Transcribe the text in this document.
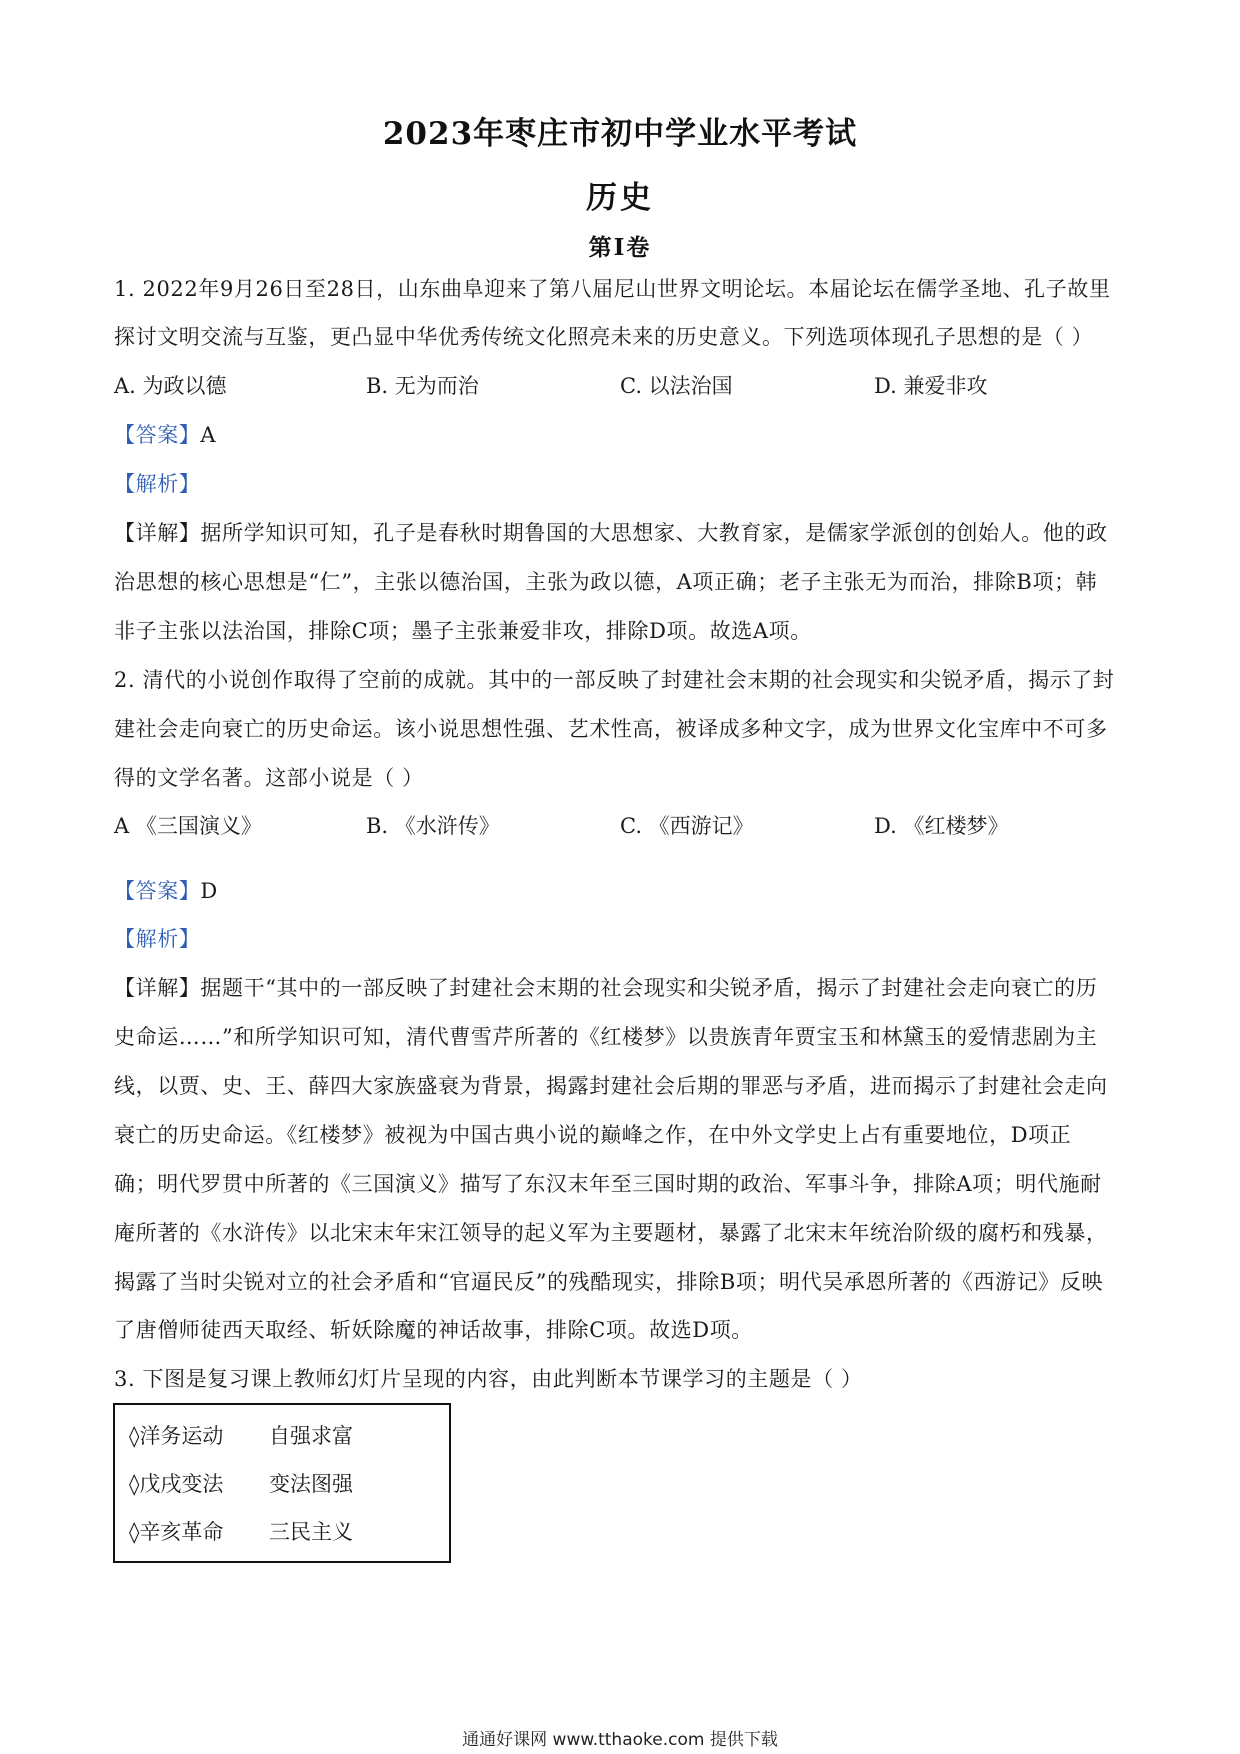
2023年枣庄市初中学业水平考试
历史
第I卷
1. 2022年9月26日至28日，山东曲阜迎来了第八届尼山世界文明论坛。本届论坛在儒学圣地、孔子故里
探讨文明交流与互鉴，更凸显中华优秀传统文化照亮未来的历史意义。下列选项体现孔子思想的是（ ）
A. 为政以德	B. 无为而治	C. 以法治国	D. 兼爱非攻
【答案】A
【解析】
【详解】据所学知识可知，孔子是春秋时期鲁国的大思想家、大教育家，是儒家学派创的创始人。他的政
治思想的核心思想是“仁”，主张以德治国，主张为政以德，A项正确；老子主张无为而治，排除B项；韩
非子主张以法治国，排除C项；墨子主张兼爱非攻，排除D项。故选A项。
2. 清代的小说创作取得了空前的成就。其中的一部反映了封建社会末期的社会现实和尖锐矛盾，揭示了封
建社会走向衰亡的历史命运。该小说思想性强、艺术性高，被译成多种文字，成为世界文化宝库中不可多
得的文学名著。这部小说是（ ）
A 《三国演义》	B. 《水浒传》	C. 《西游记》	D. 《红楼梦》
【答案】D
【解析】
【详解】据题干“其中的一部反映了封建社会末期的社会现实和尖锐矛盾，揭示了封建社会走向衰亡的历
史命运……”和所学知识可知，清代曹雪芹所著的《红楼梦》以贵族青年贾宝玉和林黛玉的爱情悲剧为主
线，以贾、史、王、薛四大家族盛衰为背景，揭露封建社会后期的罪恶与矛盾，进而揭示了封建社会走向
衰亡的历史命运。《红楼梦》被视为中国古典小说的巅峰之作，在中外文学史上占有重要地位，D项正
确；明代罗贯中所著的《三国演义》描写了东汉末年至三国时期的政治、军事斗争，排除A项；明代施耐
庵所著的《水浒传》以北宋末年宋江领导的起义军为主要题材，暴露了北宋末年统治阶级的腐朽和残暴，
揭露了当时尖锐对立的社会矛盾和“官逼民反”的残酷现实，排除B项；明代吴承恩所著的《西游记》反映
了唐僧师徒西天取经、斩妖除魔的神话故事，排除C项。故选D项。
3. 下图是复习课上教师幻灯片呈现的内容，由此判断本节课学习的主题是（ ）
◊洋务运动 自强求富
◊戊戌变法 变法图强
◊辛亥革命 三民主义
通通好课网 www.tthaoke.com 提供下载
